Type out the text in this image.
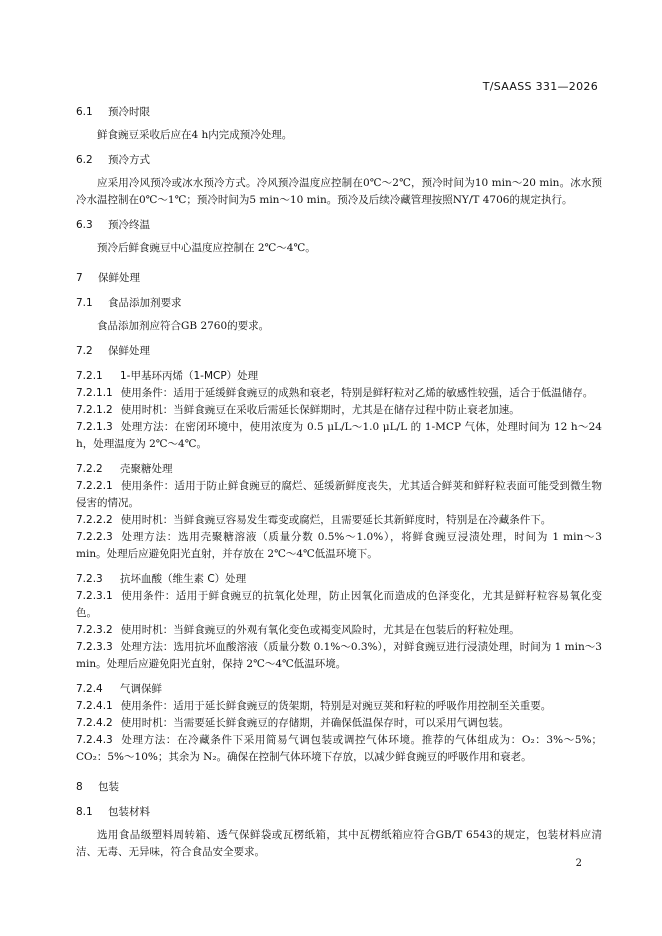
T/SAASS 331—2026
6.1 预冷时限

鲜食豌豆采收后应在4 h内完成预冷处理。

6.2 预冷方式

应采用冷风预冷或冰水预冷方式。冷风预冷温度应控制在0℃～2℃，预冷时间为10 min～20 min。冰水预冷水温控制在0℃～1℃；预冷时间为5 min～10 min。预冷及后续冷藏管理按照NY/T 4706的规定执行。

6.3 预冷终温

预冷后鲜食豌豆中心温度应控制在 2℃～4℃。

7 保鲜处理
7.1 食品添加剂要求

食品添加剂应符合GB 2760的要求。

7.2 保鲜处理
7.2.1 1-甲基环丙烯（1-MCP）处理

7.2.1.1 使用条件：适用于延缓鲜食豌豆的成熟和衰老，特别是鲜籽粒对乙烯的敏感性较强，适合于低温储存。

7.2.1.2 使用时机：当鲜食豌豆在采收后需延长保鲜期时，尤其是在储存过程中防止衰老加速。

7.2.1.3 处理方法：在密闭环境中，使用浓度为 0.5 μL/L～1.0 μL/L 的 1-MCP 气体，处理时间为 12 h～24 h，处理温度为 2℃～4℃。

7.2.2 壳聚糖处理

7.2.2.1 使用条件：适用于防止鲜食豌豆的腐烂、延缓新鲜度丧失，尤其适合鲜荚和鲜籽粒表面可能受到微生物侵害的情况。

7.2.2.2 使用时机：当鲜食豌豆容易发生霉变或腐烂，且需要延长其新鲜度时，特别是在冷藏条件下。

7.2.2.3 处理方法：选用壳聚糖溶液（质量分数 0.5%～1.0%），将鲜食豌豆浸渍处理，时间为 1 min～3 min。处理后应避免阳光直射，并存放在 2℃～4℃低温环境下。

7.2.3 抗坏血酸（维生素 C）处理

7.2.3.1 使用条件：适用于鲜食豌豆的抗氧化处理，防止因氧化而造成的色泽变化，尤其是鲜籽粒容易氧化变色。

7.2.3.2 使用时机：当鲜食豌豆的外观有氧化变色或褐变风险时，尤其是在包装后的籽粒处理。

7.2.3.3 处理方法：选用抗坏血酸溶液（质量分数 0.1%～0.3%），对鲜食豌豆进行浸渍处理，时间为 1 min～3 min。处理后应避免阳光直射，保持 2℃～4℃低温环境。

7.2.4 气调保鲜

7.2.4.1 使用条件：适用于延长鲜食豌豆的货架期，特别是对豌豆荚和籽粒的呼吸作用控制至关重要。

7.2.4.2 使用时机：当需要延长鲜食豌豆的存储期，并确保低温保存时，可以采用气调包装。

7.2.4.3 处理方法：在冷藏条件下采用简易气调包装或调控气体环境。推荐的气体组成为：O₂：3%～5%；CO₂：5%～10%；其余为 N₂。确保在控制气体环境下存放，以减少鲜食豌豆的呼吸作用和衰老。

8 包装
8.1 包装材料

选用食品级塑料周转箱、透气保鲜袋或瓦楞纸箱，其中瓦楞纸箱应符合GB/T 6543的规定，包装材料应清洁、无毒、无异味，符合食品安全要求。

2
